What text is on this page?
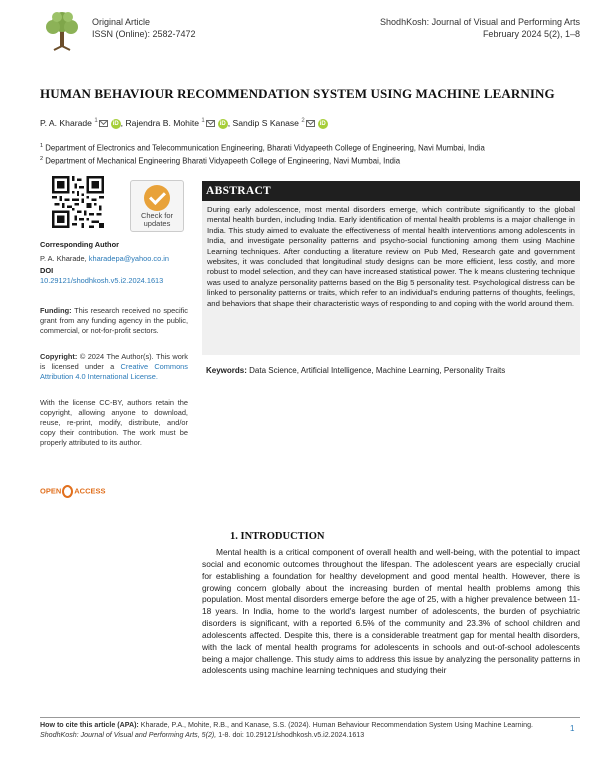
Original Article
ISSN (Online): 2582-7472
ShodhKosh: Journal of Visual and Performing Arts
February 2024 5(2), 1–8
HUMAN BEHAVIOUR RECOMMENDATION SYSTEM USING MACHINE LEARNING
P. A. Kharade $^1$	iD , Rajendra B. Mohite $^1$	iD , Sandip S Kanase $^2$	iD
$^1$ Department of Electronics and Telecommunication Engineering, Bharati Vidyapeeth College of Engineering, Navi Mumbai, India
$^2$ Department of Mechanical Engineering Bharati Vidyapeeth College of Engineering, Navi Mumbai, India
Check for updates
Corresponding Author
P. A. Kharade, kharadepa@yahoo.co.in
DOI
10.29121/shodhkosh.v5.i2.2024.1613
Funding: This research received no specific grant from any funding agency in the public, commercial, or not-for-profit sectors.
Copyright: © 2024 The Author(s). This work is licensed under a Creative Commons Attribution 4.0 International License.
With the license CC-BY, authors retain the copyright, allowing anyone to download, reuse, re-print, modify, distribute, and/or copy their contribution. The work must be properly attributed to its author.
OPEN ACCESS
ABSTRACT
During early adolescence, most mental disorders emerge, which contribute significantly to the global mental health burden, including India. Early identification of mental health problems is a major challenge in India. This study aimed to evaluate the effectiveness of mental health interventions among adolescents in India, and investigate personality patterns and psycho-social functioning among them using Machine Learning techniques. After conducting a literature review on Pub Med, Research gate and government websites, it was concluded that longitudinal study designs can be more efficient, less costly, and more robust to model selection, and they can have increased statistical power. The k means clustering technique was used to analyze personality patterns based on the Big 5 personality test. Psychological distress can be linked to personality patterns or traits, which refer to an individual's enduring patterns of thoughts, feelings, and behaviors that shape their characteristic ways of responding to and coping with the world around them.
Keywords: Data Science, Artificial Intelligence, Machine Learning, Personality Traits
1. INTRODUCTION

Mental health is a critical component of overall health and well-being, with the potential to impact social and economic outcomes throughout the lifespan. The adolescent years are especially crucial for establishing a foundation for healthy development and good mental health. However, there is growing concern globally about the increasing burden of mental health problems among this population. Most mental disorders emerge before the age of 25, with a higher prevalence between 11-18 years. In India, home to the world's largest number of adolescents, the burden of psychiatric disorders is significant, with a reported 6.5% of the community and 23.3% of school children and adolescents affected. Despite this, there is a considerable treatment gap for mental health disorders, with the lack of mental health programs for adolescents in schools and out-of-school adolescents being a major challenge. This study aims to address this issue by analyzing the personality patterns in adolescents using machine learning techniques and studying their

How to cite this article (APA): Kharade, P.A., Mohite, R.B., and Kanase, S.S. (2024). Human Behaviour Recommendation System Using Machine Learning. ShodhKosh: Journal of Visual and Performing Arts, 5(2), 1-8. doi: 10.29121/shodhkosh.v5.i2.2024.1613
1
